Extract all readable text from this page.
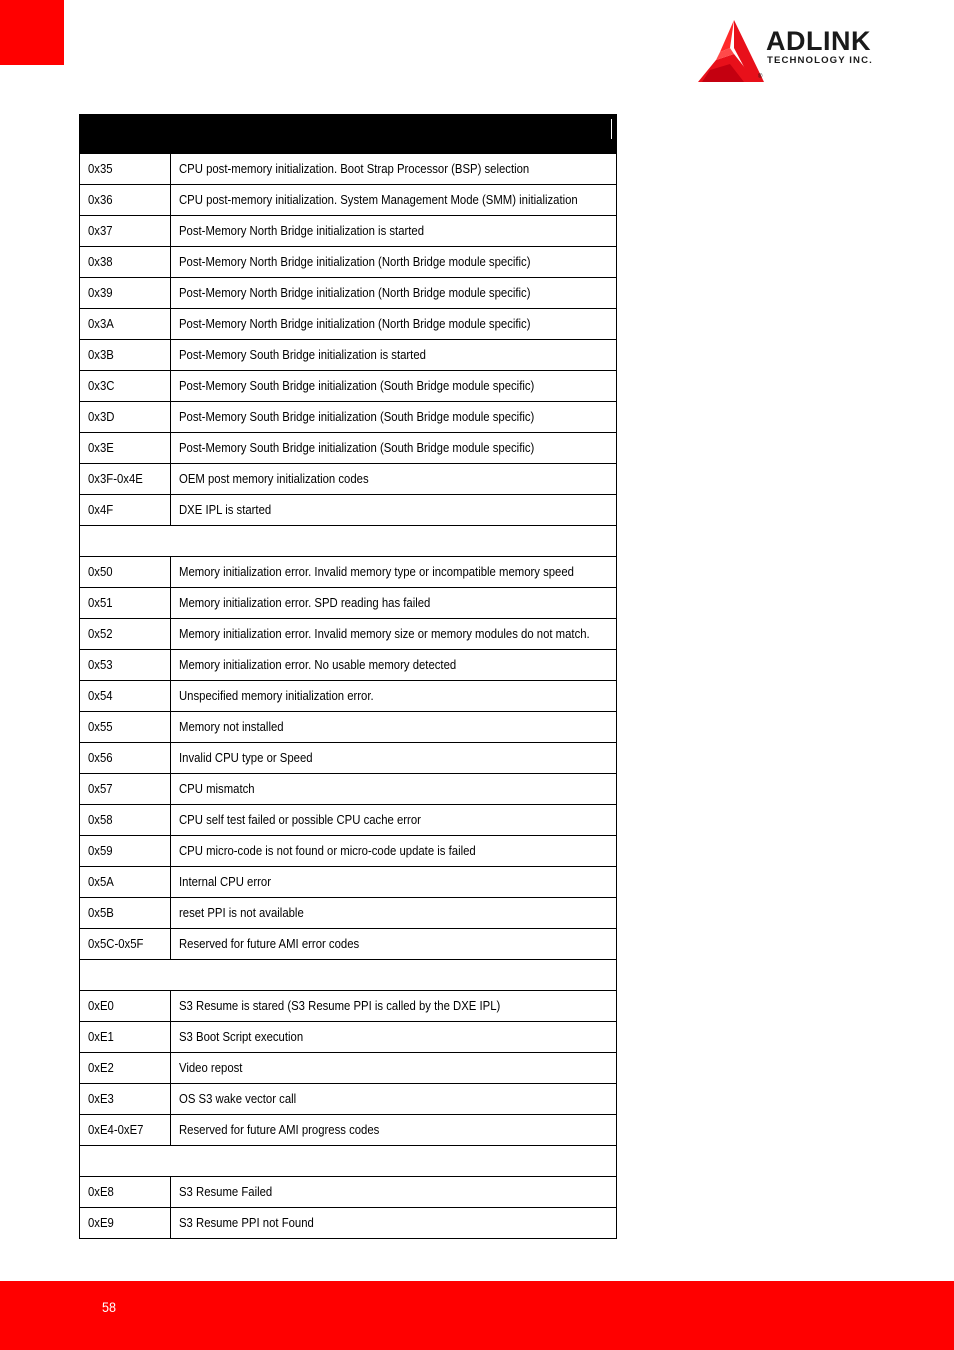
ADLINK
TECHNOLOGY INC.
®
0x35	CPU post-memory initialization. Boot Strap Processor (BSP) selection
0x36	CPU post-memory initialization. System Management Mode (SMM) initialization
0x37	Post-Memory North Bridge initialization is started
0x38	Post-Memory North Bridge initialization (North Bridge module specific)
0x39	Post-Memory North Bridge initialization (North Bridge module specific)
0x3A	Post-Memory North Bridge initialization (North Bridge module specific)
0x3B	Post-Memory South Bridge initialization is started
0x3C	Post-Memory South Bridge initialization (South Bridge module specific)
0x3D	Post-Memory South Bridge initialization (South Bridge module specific)
0x3E	Post-Memory South Bridge initialization (South Bridge module specific)
0x3F-0x4E	OEM post memory initialization codes
0x4F	DXE IPL is started

0x50	Memory initialization error. Invalid memory type or incompatible memory speed
0x51	Memory initialization error. SPD reading has failed
0x52	Memory initialization error. Invalid memory size or memory modules do not match.
0x53	Memory initialization error. No usable memory detected
0x54	Unspecified memory initialization error.
0x55	Memory not installed
0x56	Invalid CPU type or Speed
0x57	CPU mismatch
0x58	CPU self test failed or possible CPU cache error
0x59	CPU micro-code is not found or micro-code update is failed
0x5A	Internal CPU error
0x5B	reset PPI is not available
0x5C-0x5F	Reserved for future AMI error codes

0xE0	S3 Resume is stared (S3 Resume PPI is called by the DXE IPL)
0xE1	S3 Boot Script execution
0xE2	Video repost
0xE3	OS S3 wake vector call
0xE4-0xE7	Reserved for future AMI progress codes

0xE8	S3 Resume Failed
0xE9	S3 Resume PPI not Found
58
